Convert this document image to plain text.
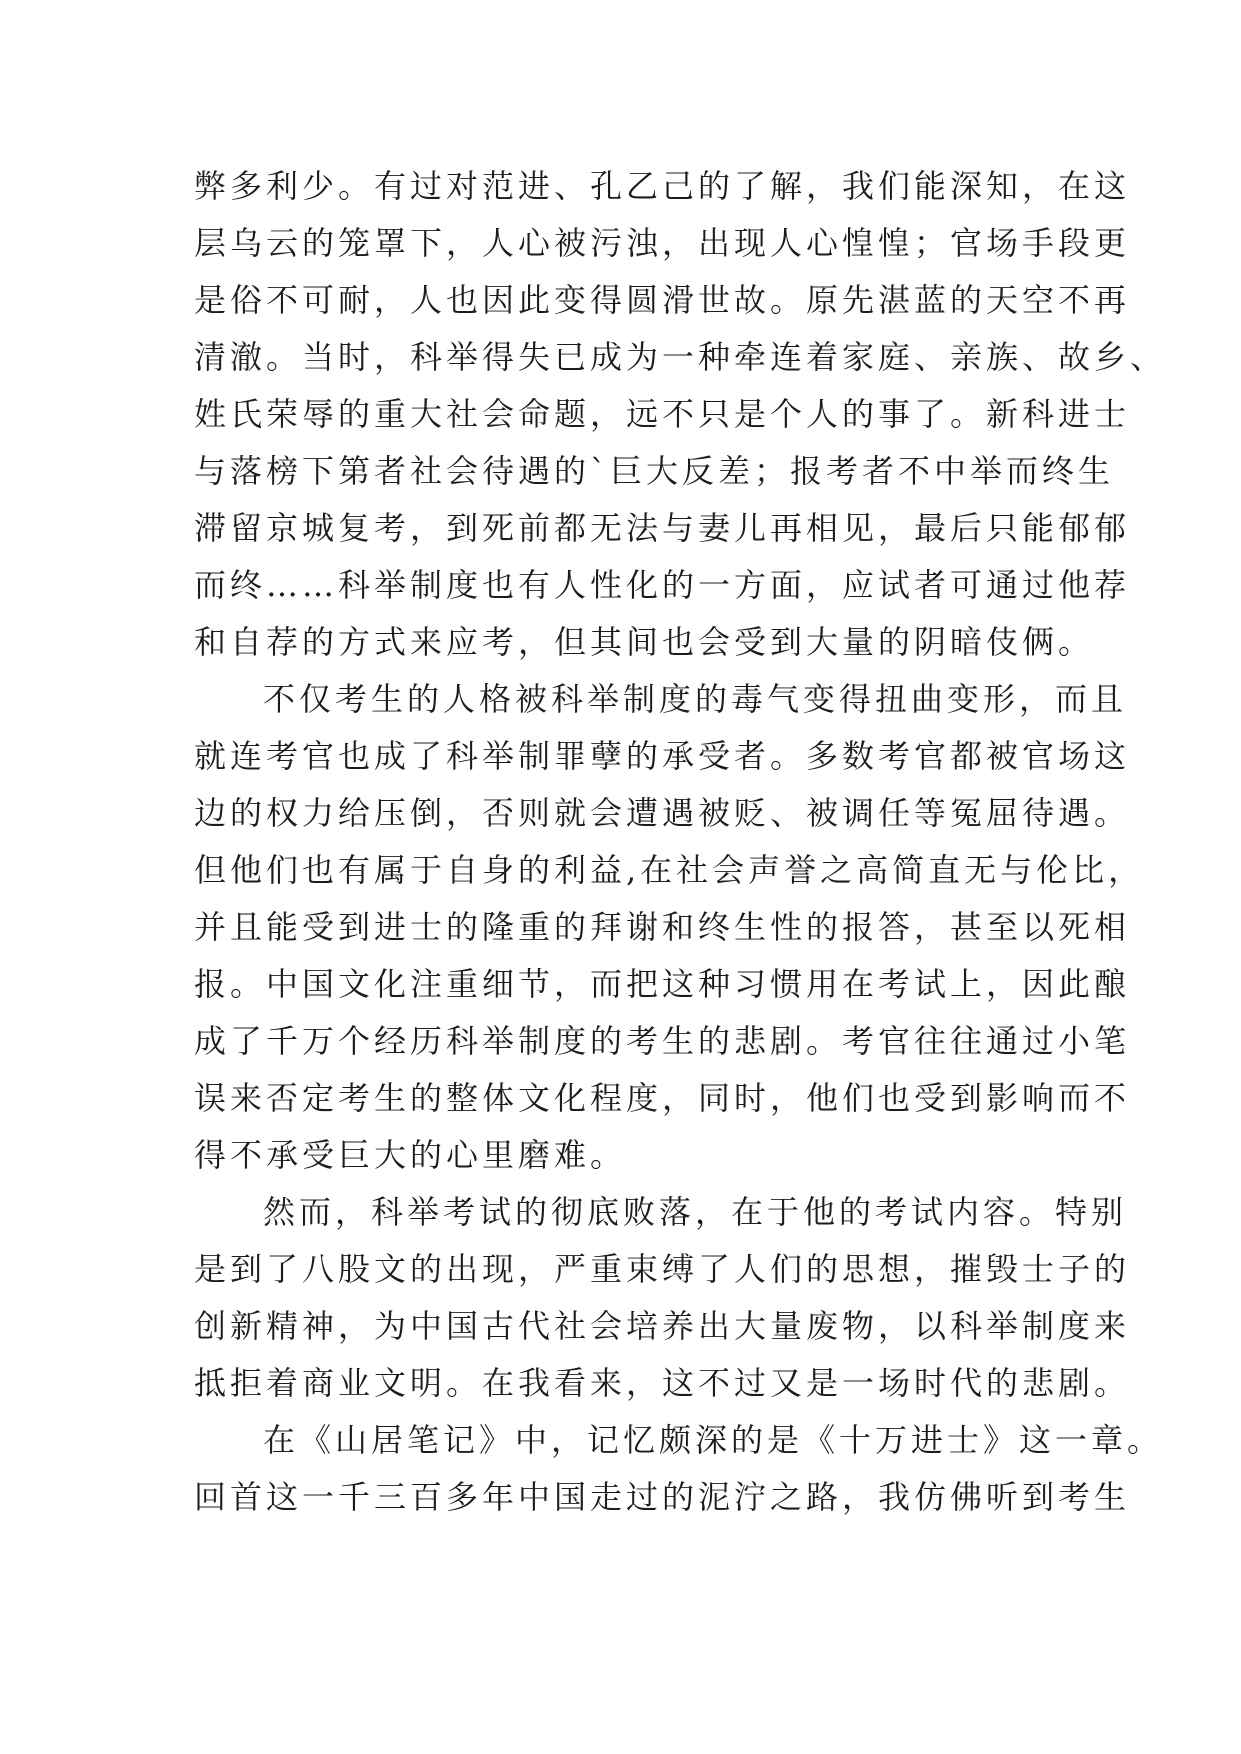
弊多利少。有过对范进、孔乙己的了解，我们能深知，在这
层乌云的笼罩下，人心被污浊，出现人心惶惶；官场手段更
是俗不可耐，人也因此变得圆滑世故。原先湛蓝的天空不再
清澈。当时，科举得失已成为一种牵连着家庭、亲族、故乡、
姓氏荣辱的重大社会命题，远不只是个人的事了。新科进士
与落榜下第者社会待遇的`巨大反差；报考者不中举而终生
滞留京城复考，到死前都无法与妻儿再相见，最后只能郁郁
而终……科举制度也有人性化的一方面，应试者可通过他荐
和自荐的方式来应考，但其间也会受到大量的阴暗伎俩。
不仅考生的人格被科举制度的毒气变得扭曲变形，而且
就连考官也成了科举制罪孽的承受者。多数考官都被官场这
边的权力给压倒，否则就会遭遇被贬、被调任等冤屈待遇。
但他们也有属于自身的利益,在社会声誉之高简直无与伦比，
并且能受到进士的隆重的拜谢和终生性的报答，甚至以死相
报。中国文化注重细节，而把这种习惯用在考试上，因此酿
成了千万个经历科举制度的考生的悲剧。考官往往通过小笔
误来否定考生的整体文化程度，同时，他们也受到影响而不
得不承受巨大的心里磨难。
然而，科举考试的彻底败落，在于他的考试内容。特别
是到了八股文的出现，严重束缚了人们的思想，摧毁士子的
创新精神，为中国古代社会培养出大量废物，以科举制度来
抵拒着商业文明。在我看来，这不过又是一场时代的悲剧。
在《山居笔记》中，记忆颇深的是《十万进士》这一章。
回首这一千三百多年中国走过的泥泞之路，我仿佛听到考生
